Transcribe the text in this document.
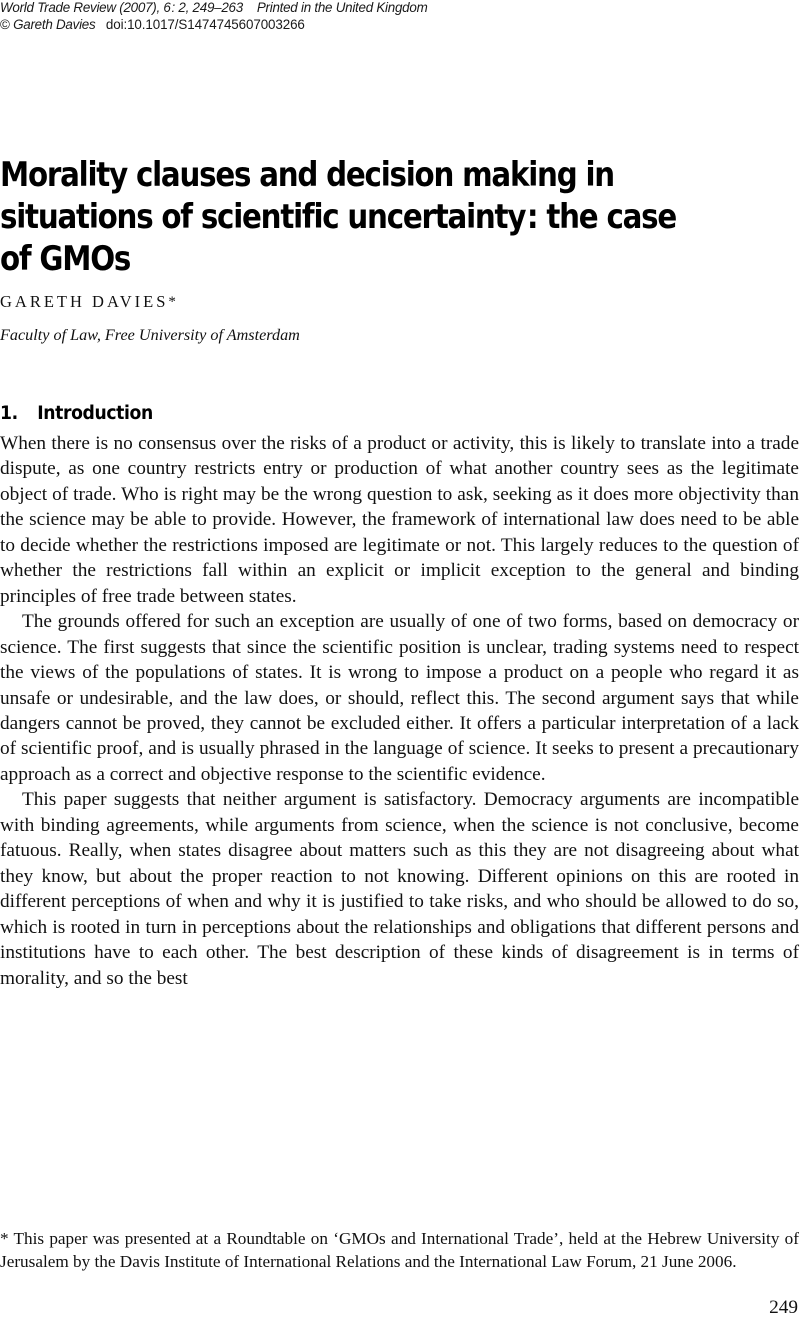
World Trade Review (2007), 6 : 2, 249–263    Printed in the United Kingdom
© Gareth Davies doi:10.1017/S1474745607003266
Morality clauses and decision making in situations of scientific uncertainty : the case of GMOs
GARETH DAVIES*
Faculty of Law, Free University of Amsterdam
1. Introduction

When there is no consensus over the risks of a product or activity, this is likely to translate into a trade dispute, as one country restricts entry or production of what another country sees as the legitimate object of trade. Who is right may be the wrong question to ask, seeking as it does more objectivity than the science may be able to provide. However, the framework of international law does need to be able to decide whether the restrictions imposed are legitimate or not. This largely reduces to the question of whether the restrictions fall within an explicit or implicit exception to the general and binding principles of free trade between states.

The grounds offered for such an exception are usually of one of two forms, based on democracy or science. The first suggests that since the scientific position is unclear, trading systems need to respect the views of the populations of states. It is wrong to impose a product on a people who regard it as unsafe or undesirable, and the law does, or should, reflect this. The second argument says that while dangers cannot be proved, they cannot be excluded either. It offers a particular interpretation of a lack of scientific proof, and is usually phrased in the language of science. It seeks to present a precautionary approach as a correct and objective response to the scientific evidence.

This paper suggests that neither argument is satisfactory. Democracy arguments are incompatible with binding agreements, while arguments from science, when the science is not conclusive, become fatuous. Really, when states disagree about matters such as this they are not disagreeing about what they know, but about the proper reaction to not knowing. Different opinions on this are rooted in different perceptions of when and why it is justified to take risks, and who should be allowed to do so, which is rooted in turn in perceptions about the relationships and obligations that different persons and institutions have to each other. The best description of these kinds of disagreement is in terms of morality, and so the best

* This paper was presented at a Roundtable on ‘GMOs and International Trade’, held at the Hebrew University of Jerusalem by the Davis Institute of International Relations and the International Law Forum, 21 June 2006.

249
